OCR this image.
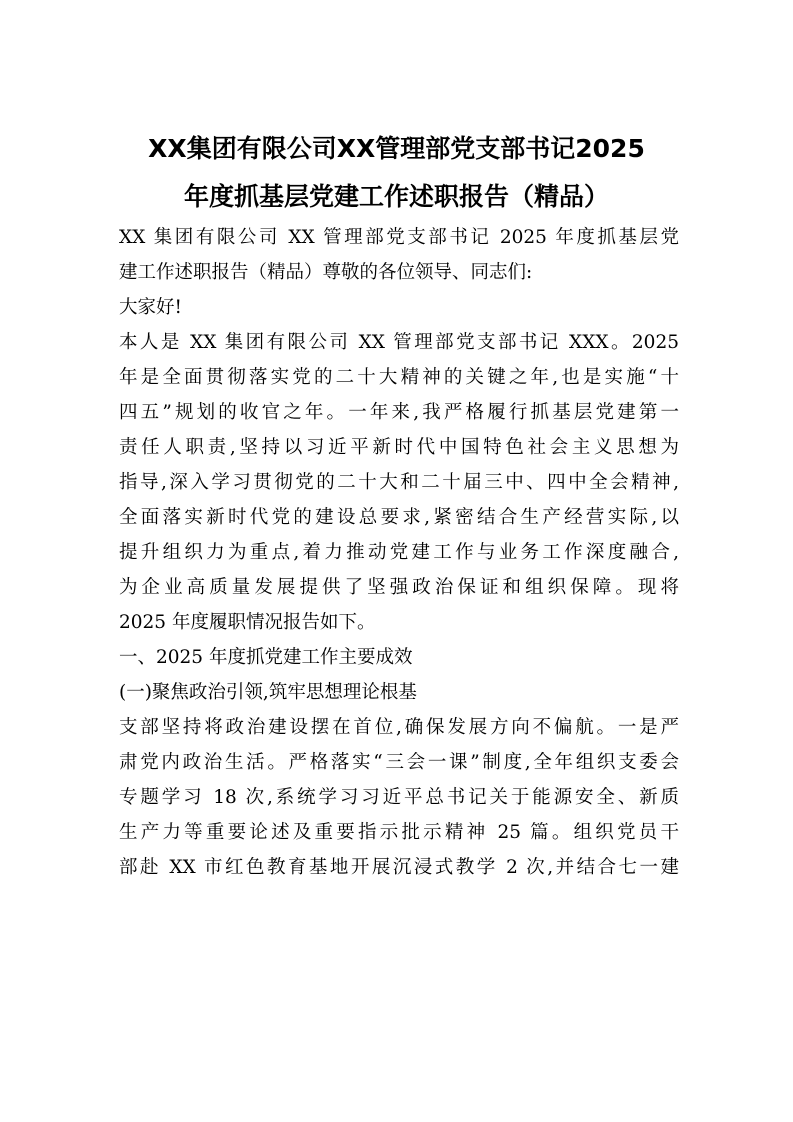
XX集团有限公司XX管理部党支部书记2025
年度抓基层党建工作述职报告（精品）
XX 集团有限公司 XX 管理部党支部书记 2025 年度抓基层党
建工作述职报告（精品）尊敬的各位领导、同志们:
大家好!
本人是 XX 集团有限公司 XX 管理部党支部书记 XXX。2025
年是全面贯彻落实党的二十大精神的关键之年,也是实施“十
四五”规划的收官之年。一年来,我严格履行抓基层党建第一
责任人职责,坚持以习近平新时代中国特色社会主义思想为
指导,深入学习贯彻党的二十大和二十届三中、四中全会精神,
全面落实新时代党的建设总要求,紧密结合生产经营实际,以
提升组织力为重点,着力推动党建工作与业务工作深度融合,
为企业高质量发展提供了坚强政治保证和组织保障。现将
2025 年度履职情况报告如下。
一、2025 年度抓党建工作主要成效
(一)聚焦政治引领,筑牢思想理论根基
支部坚持将政治建设摆在首位,确保发展方向不偏航。一是严
肃党内政治生活。严格落实“三会一课”制度,全年组织支委会
专题学习 18 次,系统学习习近平总书记关于能源安全、新质
生产力等重要论述及重要指示批示精神 25 篇。组织党员干
部赴 XX 市红色教育基地开展沉浸式教学 2 次,并结合七一建
